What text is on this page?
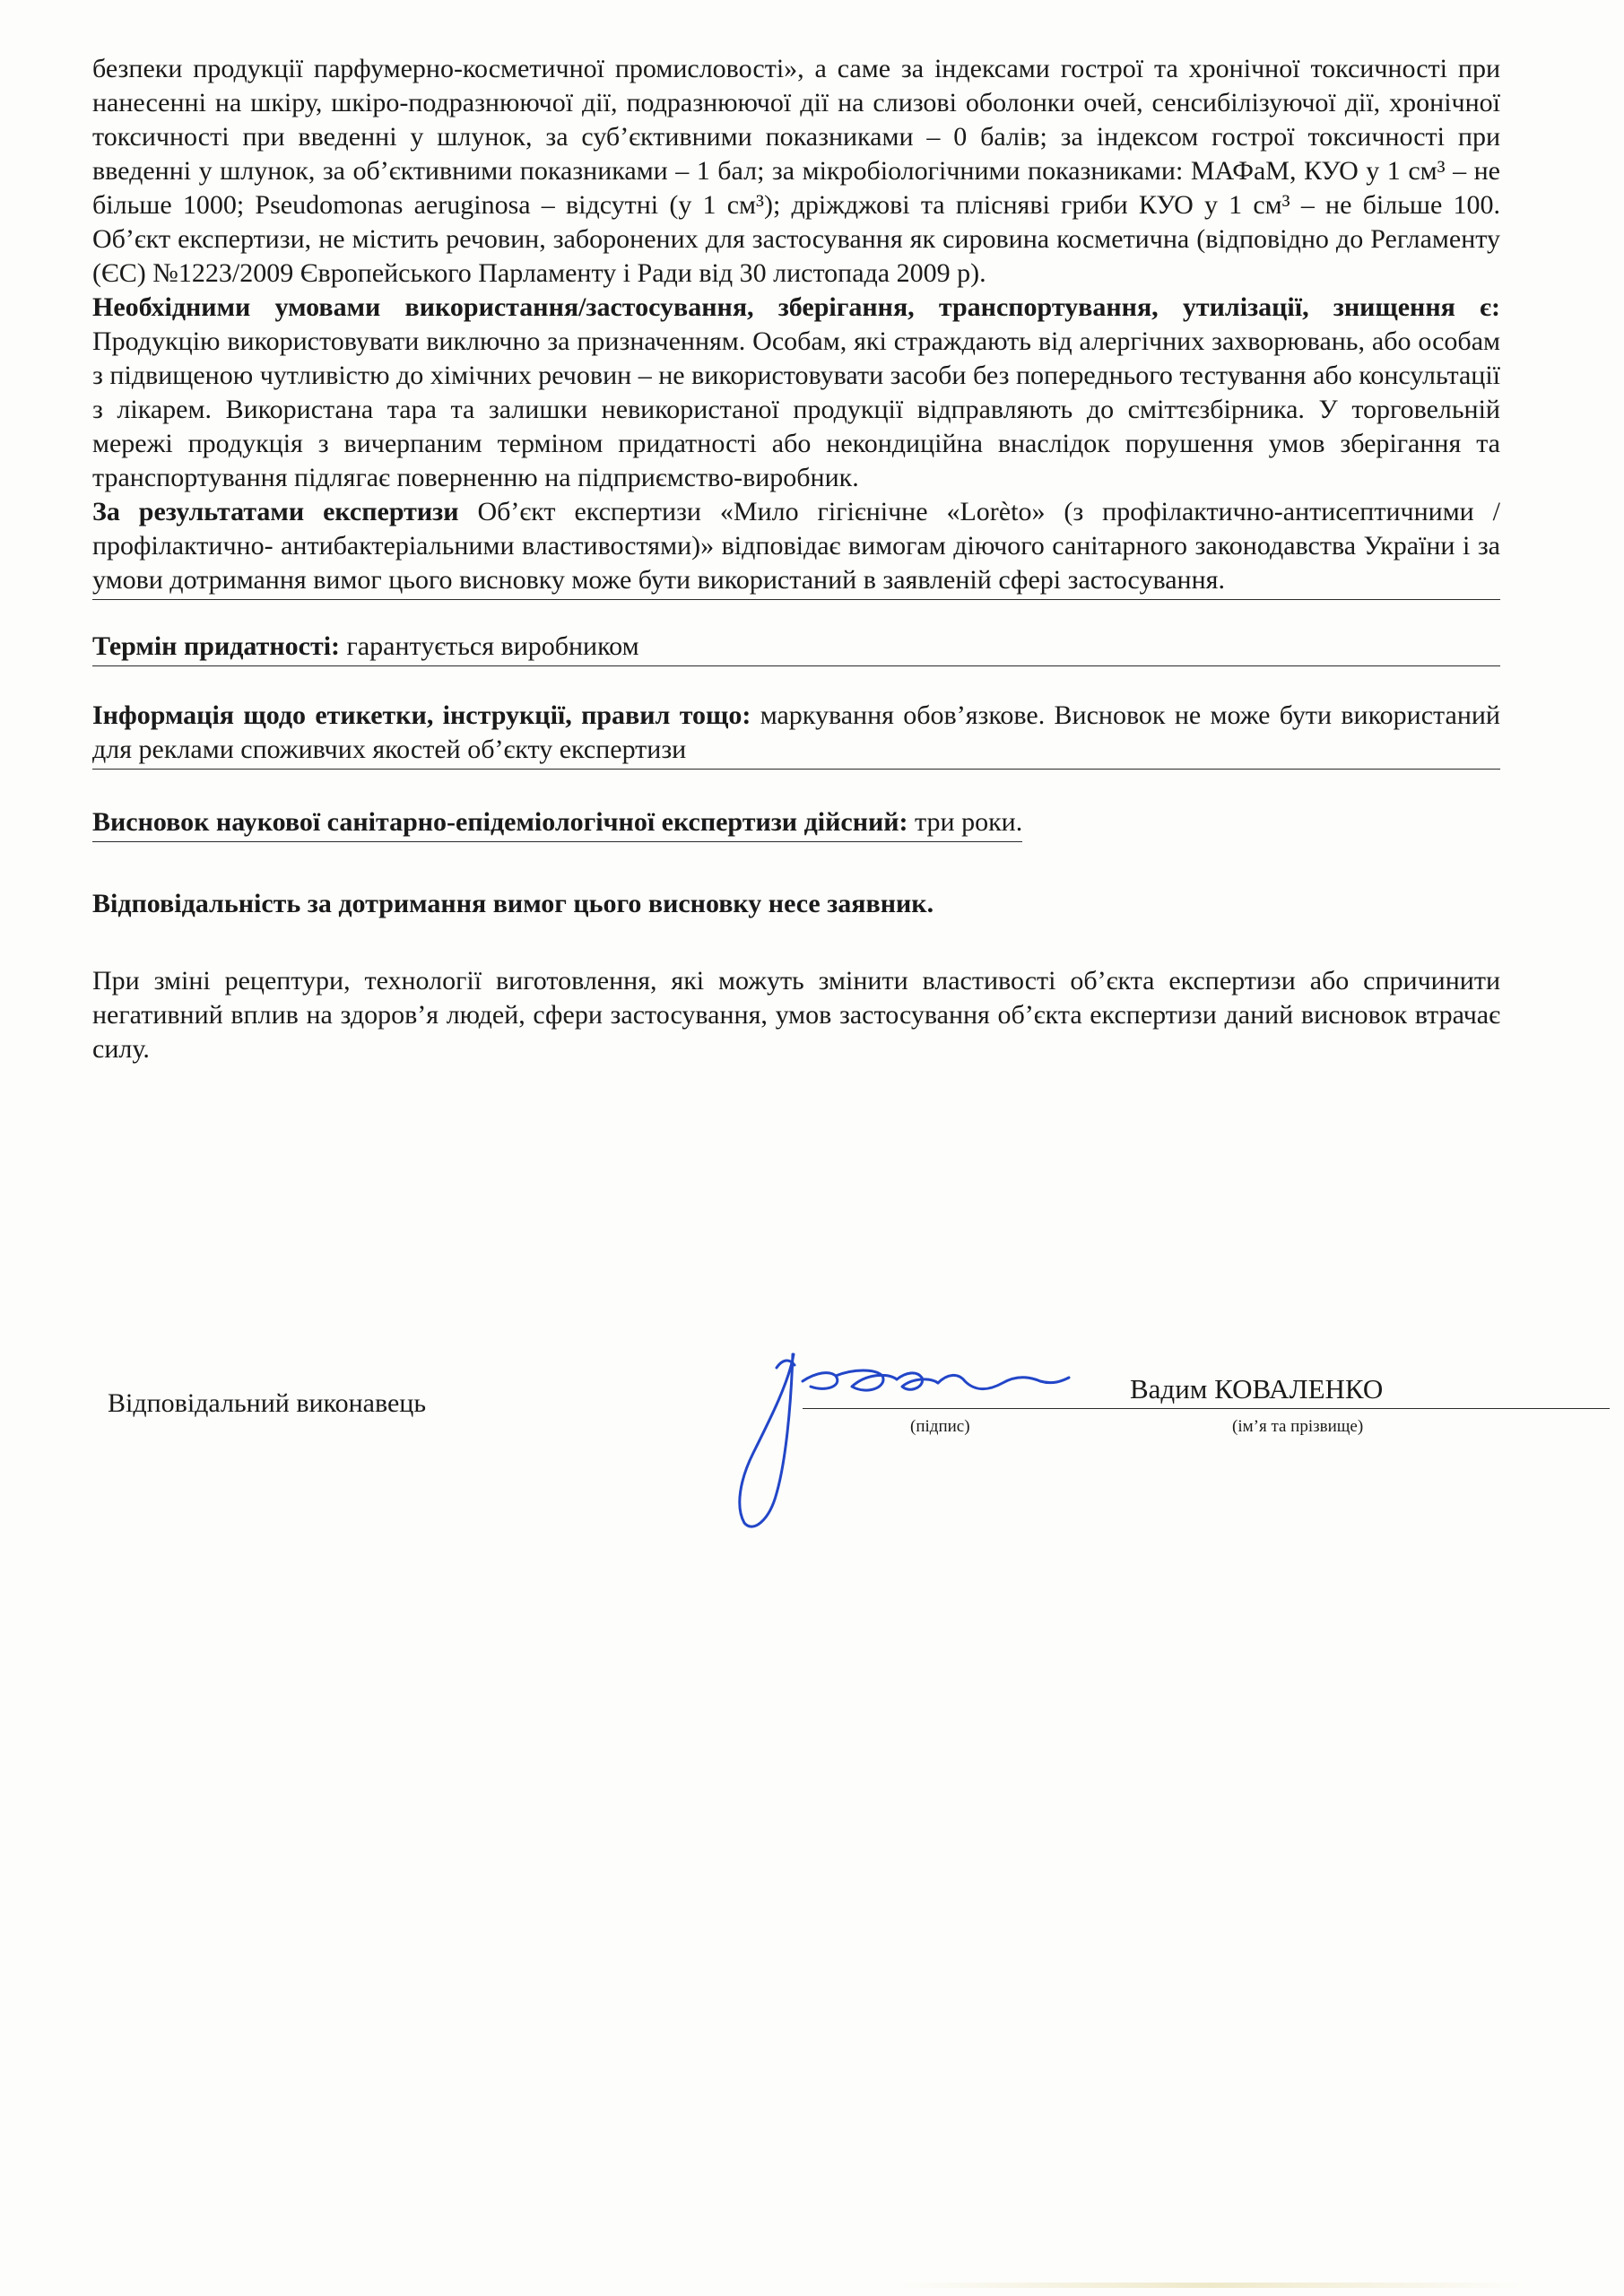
безпеки продукції парфумерно-косметичної промисловості», а саме за індексами гострої та хронічної токсичності при нанесенні на шкіру, шкіро-подразнюючої дії, подразнюючої дії на слизові оболонки очей, сенсибілізуючої дії, хронічної токсичності при введенні у шлунок, за суб’єктивними показниками – 0 балів; за індексом гострої токсичності при введенні у шлунок, за об’єктивними показниками – 1 бал; за мікробіологічними показниками: МАФаМ, КУО у 1 см³ – не більше 1000; Pseudomonas aeruginosa – відсутні (у 1 см³); дріжджові та плісняві гриби КУО у 1 см³ – не більше 100. Об’єкт експертизи, не містить речовин, заборонених для застосування як сировина косметична (відповідно до Регламенту (ЄС) №1223/2009 Європейського Парламенту і Ради від 30 листопада 2009 р).

Необхідними умовами використання/застосування, зберігання, транспортування, утилізації, знищення є: Продукцію використовувати виключно за призначенням. Особам, які страждають від алергічних захворювань, або особам з підвищеною чутливістю до хімічних речовин – не використовувати засоби без попереднього тестування або консультації з лікарем. Використана тара та залишки невикористаної продукції відправляють до сміттєзбірника. У торговельній мережі продукція з вичерпаним терміном придатності або некондиційна внаслідок порушення умов зберігання та транспортування підлягає поверненню на підприємство-виробник.

За результатами експертизи Об’єкт експертизи «Мило гігієнічне «Lorèto» (з профілактично-антисептичними / профілактично- антибактеріальними властивостями)» відповідає вимогам діючого санітарного законодавства України і за умови дотримання вимог цього висновку може бути використаний в заявленій сфері застосування.

Термін придатності: гарантується виробником

Інформація щодо етикетки, інструкції, правил тощо: маркування обов’язкове. Висновок не може бути використаний для реклами споживчих якостей об’єкту експертизи

Висновок наукової санітарно-епідеміологічної експертизи дійсний: три роки.

Відповідальність за дотримання вимог цього висновку несе заявник.

При зміні рецептури, технології виготовлення, які можуть змінити властивості об’єкта експертизи або спричинити негативний вплив на здоров’я людей, сфери застосування, умов застосування об’єкта експертизи даний висновок втрачає силу.

Відповідальний виконавець	Вадим КОВАЛЕНКО
(підпис)	(ім’я та прізвище)
